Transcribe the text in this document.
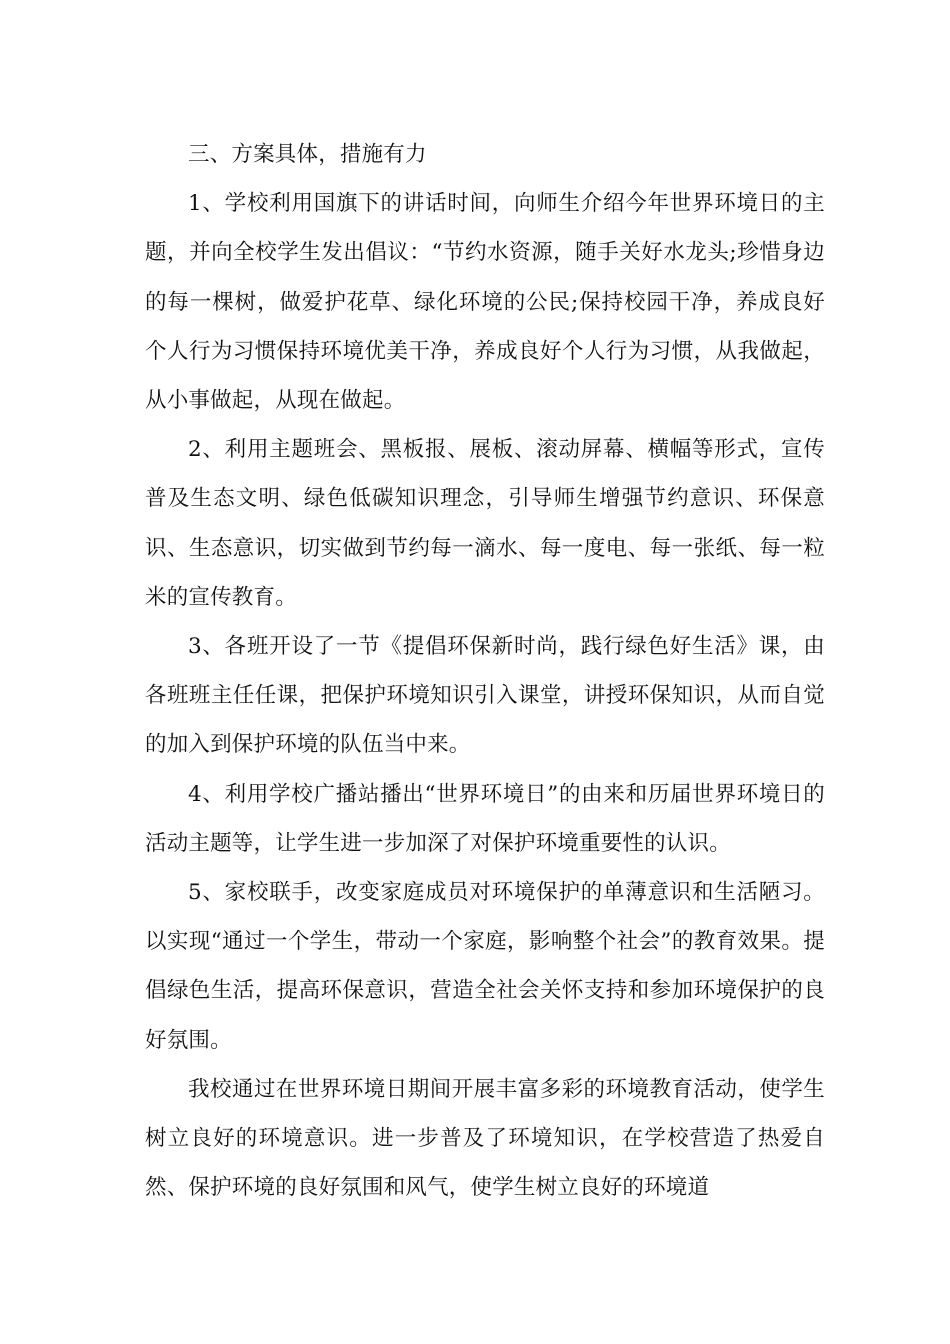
三、方案具体，措施有力

1、学校利用国旗下的讲话时间，向师生介绍今年世界环境日的主题，并向全校学生发出倡议：“节约水资源，随手关好水龙头;珍惜身边的每一棵树，做爱护花草、绿化环境的公民;保持校园干净，养成良好个人行为习惯保持环境优美干净，养成良好个人行为习惯，从我做起，从小事做起，从现在做起。

2、利用主题班会、黑板报、展板、滚动屏幕、横幅等形式，宣传普及生态文明、绿色低碳知识理念，引导师生增强节约意识、环保意识、生态意识，切实做到节约每一滴水、每一度电、每一张纸、每一粒米的宣传教育。

3、各班开设了一节《提倡环保新时尚，践行绿色好生活》课，由各班班主任任课，把保护环境知识引入课堂，讲授环保知识，从而自觉的加入到保护环境的队伍当中来。

4、利用学校广播站播出“世界环境日”的由来和历届世界环境日的活动主题等，让学生进一步加深了对保护环境重要性的认识。

5、家校联手，改变家庭成员对环境保护的单薄意识和生活陋习。以实现“通过一个学生，带动一个家庭，影响整个社会”的教育效果。提倡绿色生活，提高环保意识，营造全社会关怀支持和参加环境保护的良好氛围。

我校通过在世界环境日期间开展丰富多彩的环境教育活动，使学生树立良好的环境意识。进一步普及了环境知识，在学校营造了热爱自然、保护环境的良好氛围和风气，使学生树立良好的环境道
